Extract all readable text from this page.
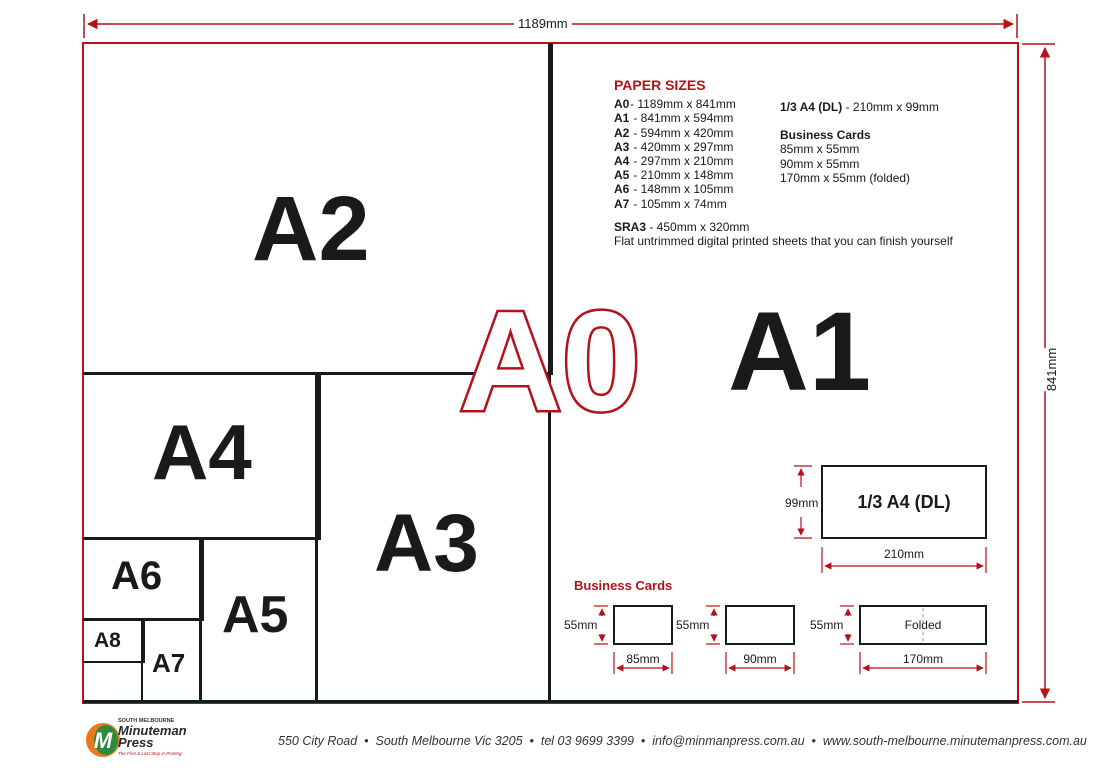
1189mm
841mm
A2
A1
A4
A3
A6
A5
A8
A7
A0
PAPER SIZES
A0- 1189mm x 841mm
A1 - 841mm x 594mm
A2 - 594mm x 420mm
A3 - 420mm x 297mm
A4 - 297mm x 210mm
A5 - 210mm x 148mm
A6 - 148mm x 105mm
A7 - 105mm x 74mm
SRA3 - 450mm x 320mm
Flat untrimmed digital printed sheets that you can finish yourself
1/3 A4 (DL) - 210mm x 99mm
Business Cards
85mm x 55mm
90mm x 55mm
170mm x 55mm (folded)
1/3 A4 (DL)
99mm
210mm
Business Cards
55mm
85mm
55mm
90mm
55mm
170mm
Folded
M
SOUTH MELBOURNE
Minuteman
Press
The First & Last Stop in Printing
550 City Road  •  South Melbourne Vic 3205  •  tel 03 9699 3399  •  info@minmanpress.com.au  •  www.south-melbourne.minutemanpress.com.au
